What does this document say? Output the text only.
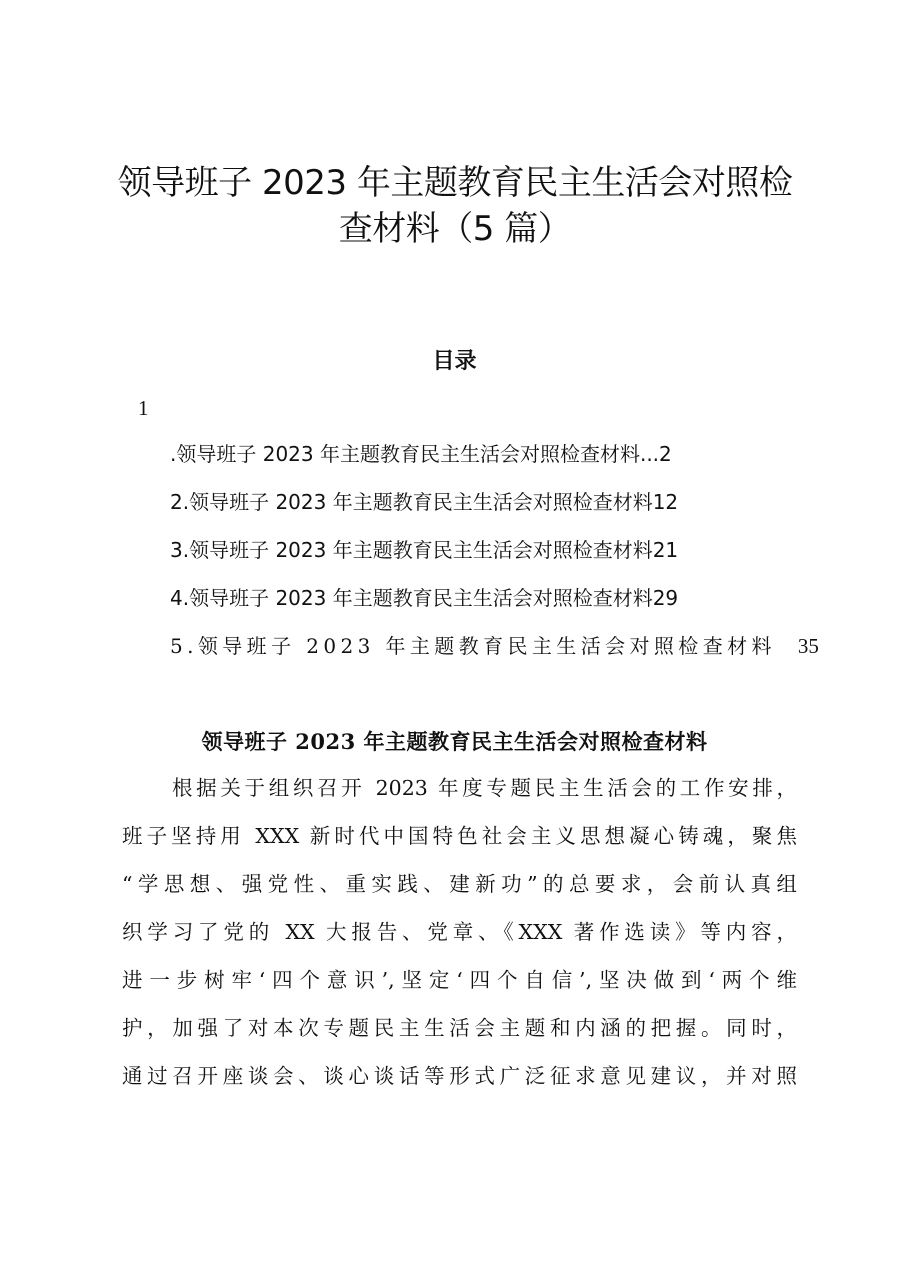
领导班子 2023 年主题教育民主生活会对照检
查材料（5 篇）
目录
1
.领导班子 2023 年主题教育民主生活会对照检查材料...2
2.领导班子 2023 年主题教育民主生活会对照检查材料12
3.领导班子 2023 年主题教育民主生活会对照检查材料21
4.领导班子 2023 年主题教育民主生活会对照检查材料29
5.领导班子 2023 年主题教育民主生活会对照检查材料 35
领导班子 2023 年主题教育民主生活会对照检查材料
根据关于组织召开 2023 年度专题民主生活会的工作安排，
班子坚持用 XXX 新时代中国特色社会主义思想凝心铸魂，聚焦
“学思想、强党性、重实践、建新功”的总要求，会前认真组
织学习了党的 XX 大报告、党章、《XXX 著作选读》等内容，
进一步树牢‘四个意识’,坚定‘四个自信’,坚决做到‘两个维
护，加强了对本次专题民主生活会主题和内涵的把握。同时，
通过召开座谈会、谈心谈话等形式广泛征求意见建议，并对照
